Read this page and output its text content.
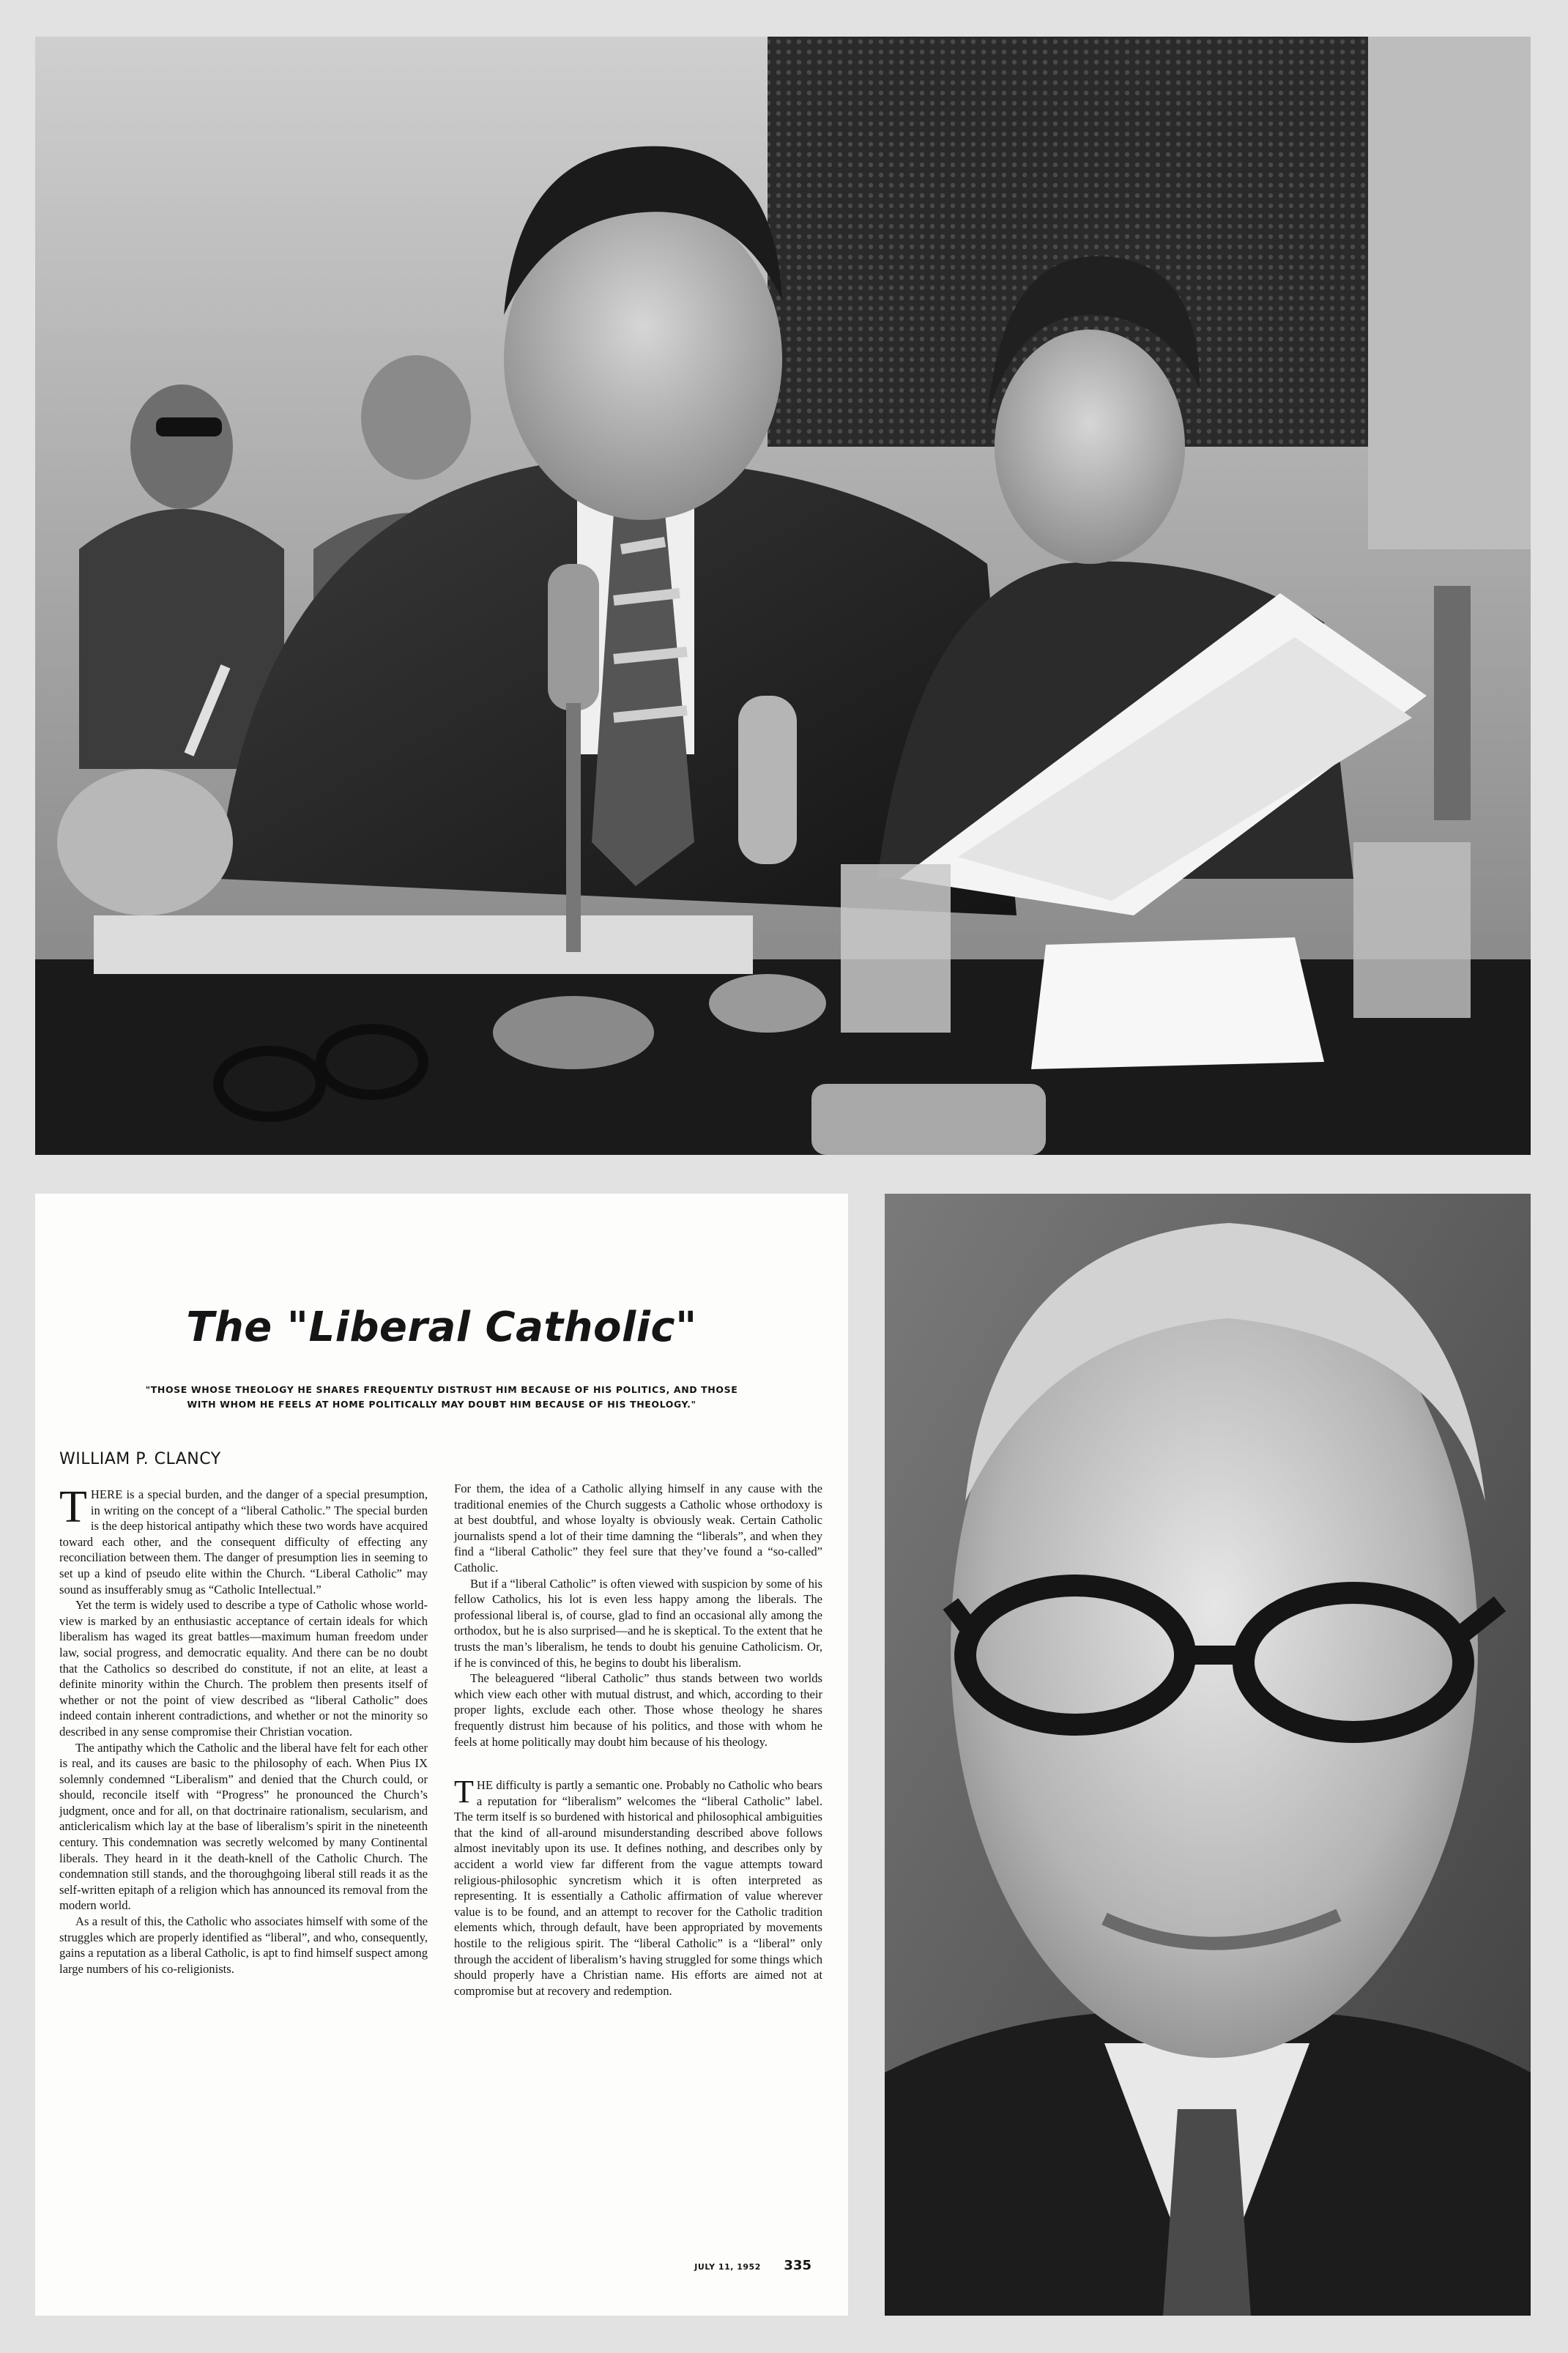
The "Liberal Catholic"

"THOSE WHOSE THEOLOGY HE SHARES FREQUENTLY DISTRUST HIM BECAUSE OF HIS POLITICS, AND THOSE WITH WHOM HE FEELS AT HOME POLITICALLY MAY DOUBT HIM BECAUSE OF HIS THEOLOGY."

WILLIAM P. CLANCY

THERE is a special burden, and the danger of a special presumption, in writing on the concept of a “liberal Catholic.” The special burden is the deep historical antipathy which these two words have acquired toward each other, and the consequent difficulty of effecting any reconciliation between them. The danger of presumption lies in seeming to set up a kind of pseudo elite within the Church. “Liberal Catholic” may sound as insufferably smug as “Catholic Intellectual.”

Yet the term is widely used to describe a type of Catholic whose world-view is marked by an enthusiastic acceptance of certain ideals for which liberalism has waged its great battles—maximum human freedom under law, social progress, and democratic equality. And there can be no doubt that the Catholics so described do constitute, if not an elite, at least a definite minority within the Church. The problem then presents itself of whether or not the point of view described as “liberal Catholic” does indeed contain inherent contradictions, and whether or not the minority so described in any sense compromise their Christian vocation.

The antipathy which the Catholic and the liberal have felt for each other is real, and its causes are basic to the philosophy of each. When Pius IX solemnly condemned “Liberalism” and denied that the Church could, or should, reconcile itself with “Progress” he pronounced the Church’s judgment, once and for all, on that doctrinaire rationalism, secularism, and anticlericalism which lay at the base of liberalism’s spirit in the nineteenth century. This condemnation was secretly welcomed by many Continental liberals. They heard in it the death-knell of the Catholic Church. The condemnation still stands, and the thoroughgoing liberal still reads it as the self-written epitaph of a religion which has announced its removal from the modern world.

As a result of this, the Catholic who associates himself with some of the struggles which are properly identified as “liberal”, and who, consequently, gains a reputation as a liberal Catholic, is apt to find himself suspect among large numbers of his co-religionists.

For them, the idea of a Catholic allying himself in any cause with the traditional enemies of the Church suggests a Catholic whose orthodoxy is at best doubtful, and whose loyalty is obviously weak. Certain Catholic journalists spend a lot of their time damning the “liberals”, and when they find a “liberal Catholic” they feel sure that they’ve found a “so-called” Catholic.

But if a “liberal Catholic” is often viewed with suspicion by some of his fellow Catholics, his lot is even less happy among the liberals. The professional liberal is, of course, glad to find an occasional ally among the orthodox, but he is also surprised—and he is skeptical. To the extent that he trusts the man’s liberalism, he tends to doubt his genuine Catholicism. Or, if he is convinced of this, he begins to doubt his liberalism.

The beleaguered “liberal Catholic” thus stands between two worlds which view each other with mutual distrust, and which, according to their proper lights, exclude each other. Those whose theology he shares frequently distrust him because of his politics, and those with whom he feels at home politically may doubt him because of his theology.

THE difficulty is partly a semantic one. Probably no Catholic who bears a reputation for “liberalism” welcomes the “liberal Catholic” label. The term itself is so burdened with historical and philosophical ambiguities that the kind of all-around misunderstanding described above follows almost inevitably upon its use. It defines nothing, and describes only by accident a world view far different from the vague attempts toward religious-philosophic syncretism which it is often interpreted as representing. It is essentially a Catholic affirmation of value wherever value is to be found, and an attempt to recover for the Catholic tradition elements which, through default, have been appropriated by movements hostile to the religious spirit. The “liberal Catholic” is a “liberal” only through the accident of liberalism’s having struggled for some things which should properly have a Christian name. His efforts are aimed not at compromise but at recovery and redemption.

JULY 11, 1952 335
